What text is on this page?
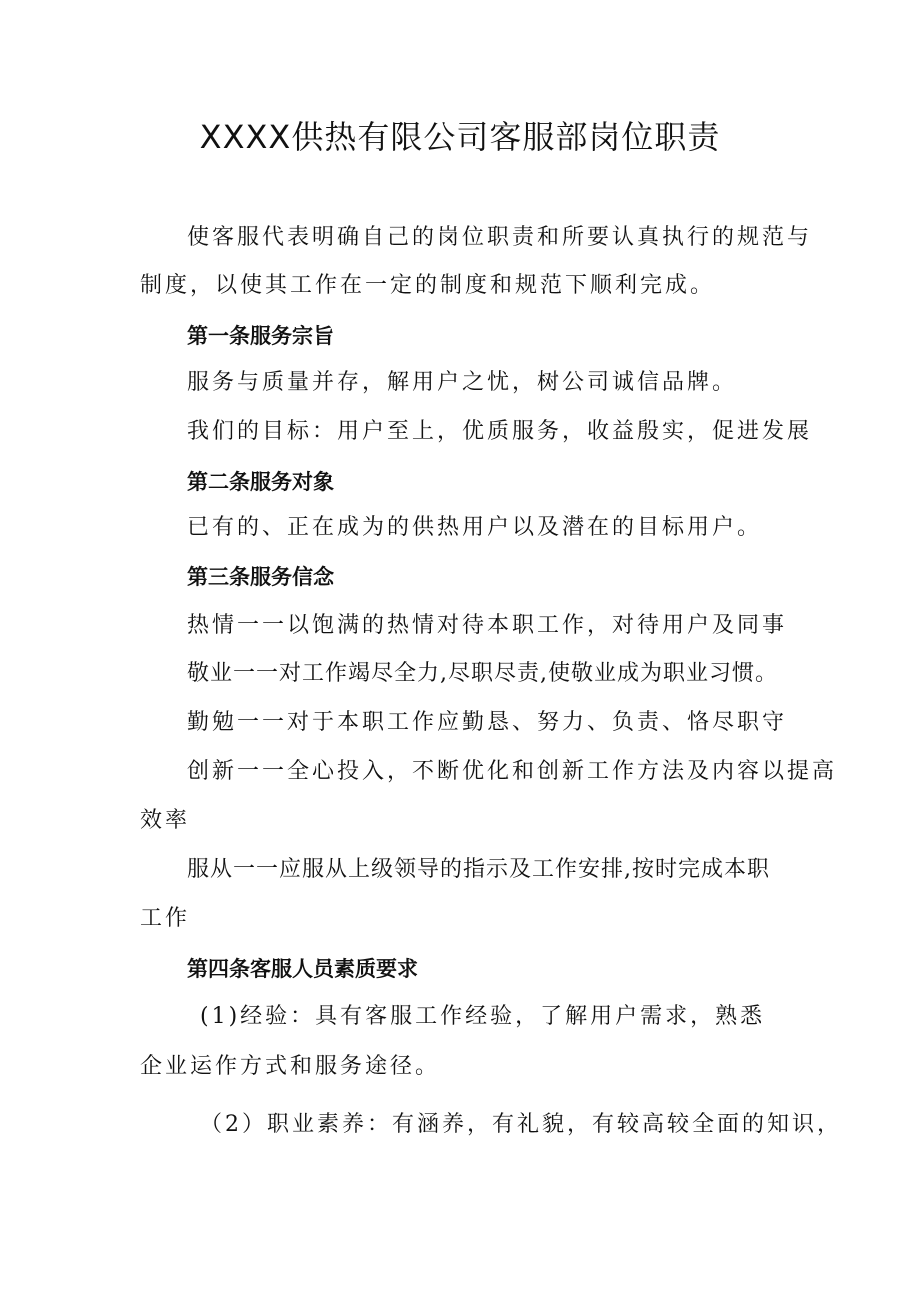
XXXX供热有限公司客服部岗位职责
使客服代表明确自己的岗位职责和所要认真执行的规范与
制度，以使其工作在一定的制度和规范下顺利完成。
第一条服务宗旨
服务与质量并存，解用户之忧，树公司诚信品牌。
我们的目标：用户至上，优质服务，收益殷实，促进发展
第二条服务对象
已有的、正在成为的供热用户以及潜在的目标用户。
第三条服务信念
热情一一以饱满的热情对待本职工作，对待用户及同事
敬业一一对工作竭尽全力,尽职尽责,使敬业成为职业习惯。
勤勉一一对于本职工作应勤恳、努力、负责、恪尽职守
创新一一全心投入，不断优化和创新工作方法及内容以提高
效率
服从一一应服从上级领导的指示及工作安排,按时完成本职
工作
第四条客服人员素质要求
(1)经验：具有客服工作经验，了解用户需求，熟悉
企业运作方式和服务途径。
（2）职业素养：有涵养，有礼貌，有较高较全面的知识，
